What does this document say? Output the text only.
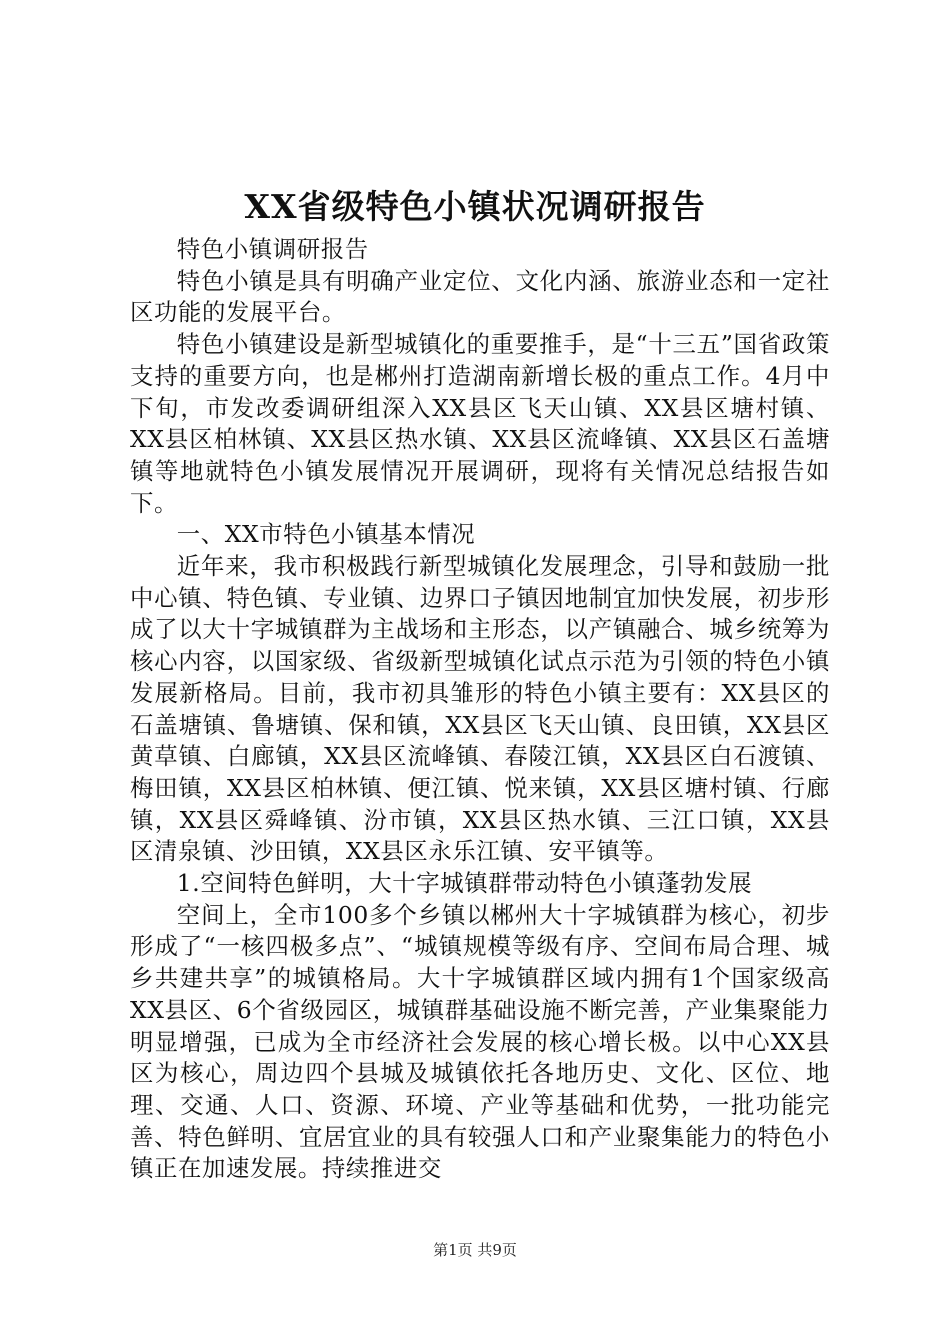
XX省级特色小镇状况调研报告

特色小镇调研报告

特色小镇是具有明确产业定位、文化内涵、旅游业态和一定社区功能的发展平台。

特色小镇建设是新型城镇化的重要推手，是“十三五”国省政策支持的重要方向，也是郴州打造湖南新增长极的重点工作。4月中下旬，市发改委调研组深入XX县区飞天山镇、XX县区塘村镇、XX县区柏林镇、XX县区热水镇、XX县区流峰镇、XX县区石盖塘镇等地就特色小镇发展情况开展调研，现将有关情况总结报告如下。

一、XX市特色小镇基本情况

近年来，我市积极践行新型城镇化发展理念，引导和鼓励一批中心镇、特色镇、专业镇、边界口子镇因地制宜加快发展，初步形成了以大十字城镇群为主战场和主形态，以产镇融合、城乡统筹为核心内容，以国家级、省级新型城镇化试点示范为引领的特色小镇发展新格局。目前，我市初具雏形的特色小镇主要有：XX县区的石盖塘镇、鲁塘镇、保和镇，XX县区飞天山镇、良田镇，XX县区黄草镇、白廊镇，XX县区流峰镇、春陵江镇，XX县区白石渡镇、梅田镇，XX县区柏林镇、便江镇、悦来镇，XX县区塘村镇、行廊镇，XX县区舜峰镇、汾市镇，XX县区热水镇、三江口镇，XX县区清泉镇、沙田镇，XX县区永乐江镇、安平镇等。

1.空间特色鲜明，大十字城镇群带动特色小镇蓬勃发展

空间上，全市100多个乡镇以郴州大十字城镇群为核心，初步形成了“一核四极多点”、“城镇规模等级有序、空间布局合理、城乡共建共享”的城镇格局。大十字城镇群区域内拥有1个国家级高XX县区、6个省级园区，城镇群基础设施不断完善，产业集聚能力明显增强，已成为全市经济社会发展的核心增长极。以中心XX县区为核心，周边四个县城及城镇依托各地历史、文化、区位、地理、交通、人口、资源、环境、产业等基础和优势，一批功能完善、特色鲜明、宜居宜业的具有较强人口和产业聚集能力的特色小镇正在加速发展。持续推进交

第1页 共9页
